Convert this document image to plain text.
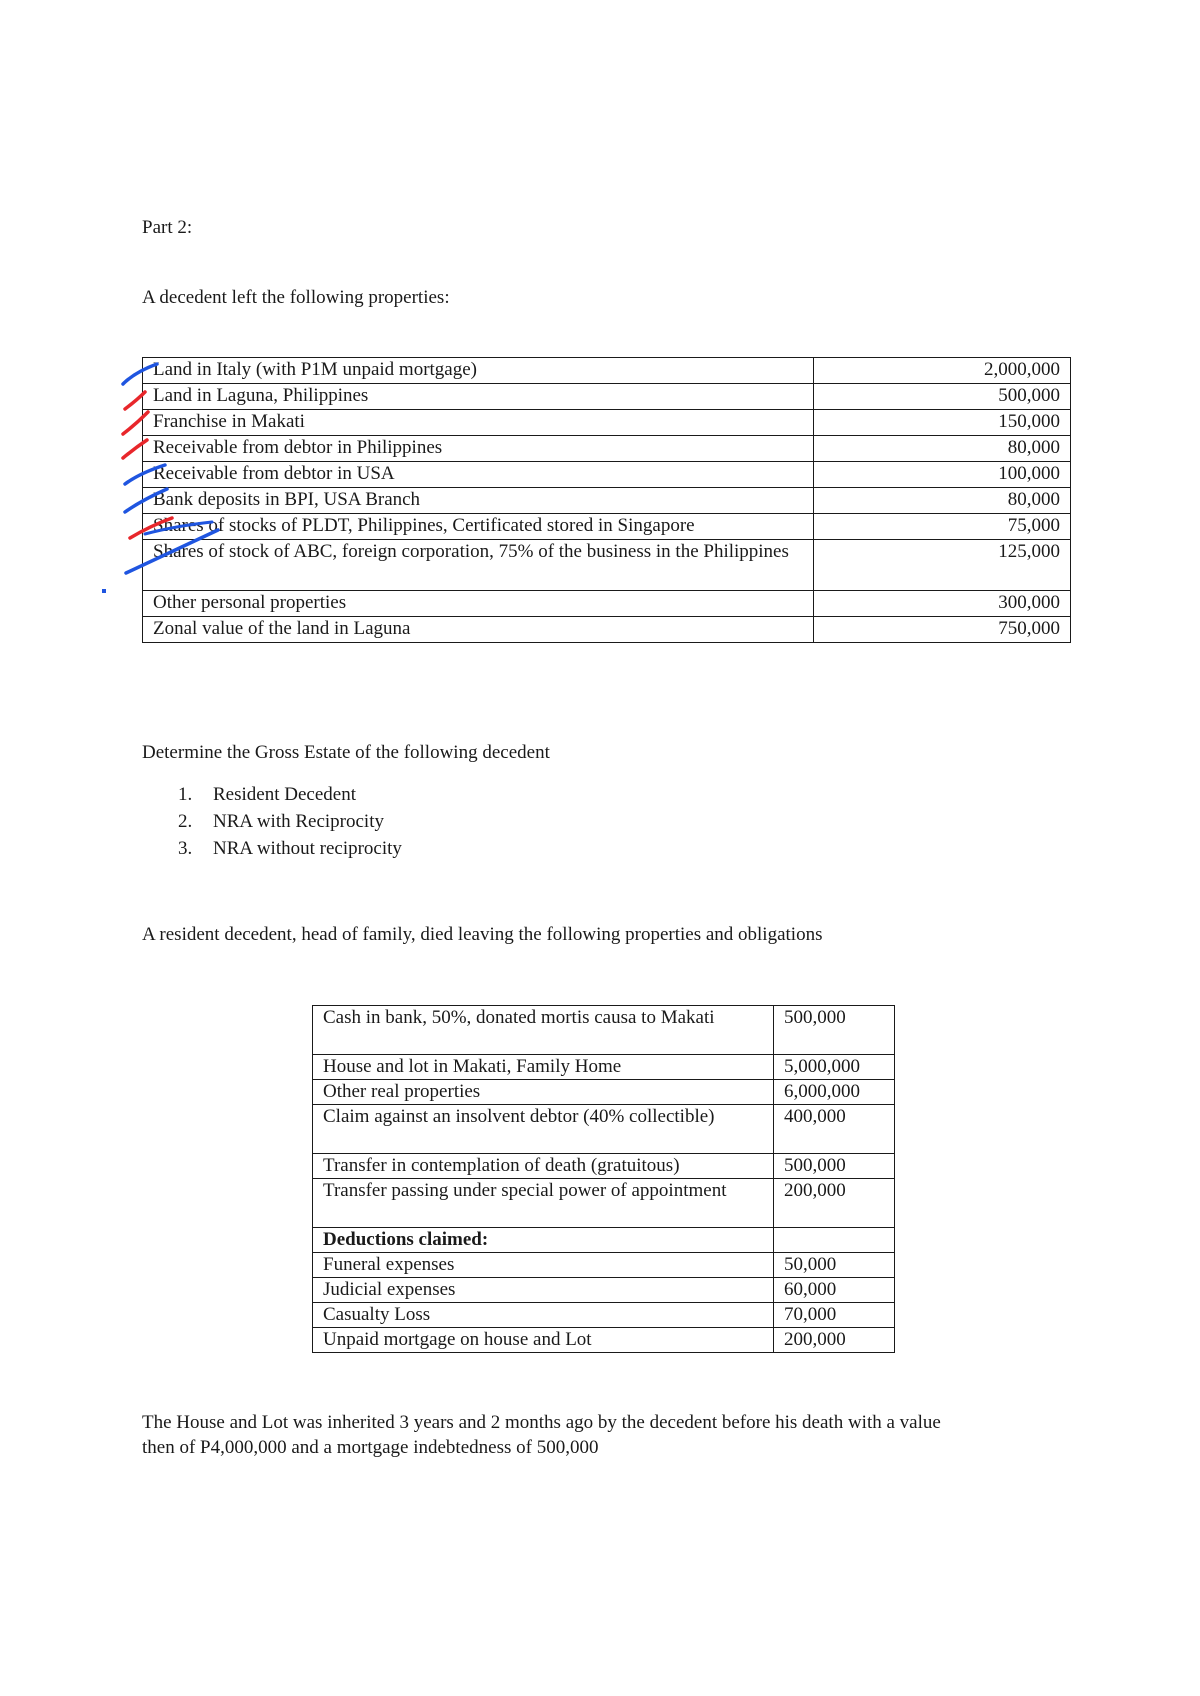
Part 2:

A decedent left the following properties:

Land in Italy (with P1M unpaid mortgage)	2,000,000
Land in Laguna, Philippines	500,000
Franchise in Makati	150,000
Receivable from debtor in Philippines	80,000
Receivable from debtor in USA	100,000
Bank deposits in BPI, USA Branch	80,000
Shares of stocks of PLDT, Philippines, Certificated stored in Singapore	75,000
Shares of stock of ABC, foreign corporation, 75% of the business in the Philippines	125,000
Other personal properties	300,000
Zonal value of the land in Laguna	750,000

Determine the Gross Estate of the following decedent

1. Resident Decedent
2. NRA with Reciprocity
3. NRA without reciprocity

A resident decedent, head of family, died leaving the following properties and obligations

Cash in bank, 50%, donated mortis causa to Makati	500,000
House and lot in Makati, Family Home	5,000,000
Other real properties	6,000,000
Claim against an insolvent debtor (40% collectible)	400,000
Transfer in contemplation of death (gratuitous)	500,000
Transfer passing under special power of appointment	200,000
Deductions claimed:	
Funeral expenses	50,000
Judicial expenses	60,000
Casualty Loss	70,000
Unpaid mortgage on house and Lot	200,000

The House and Lot was inherited 3 years and 2 months ago by the decedent before his death with a value

then of P4,000,000 and a mortgage indebtedness of 500,000
